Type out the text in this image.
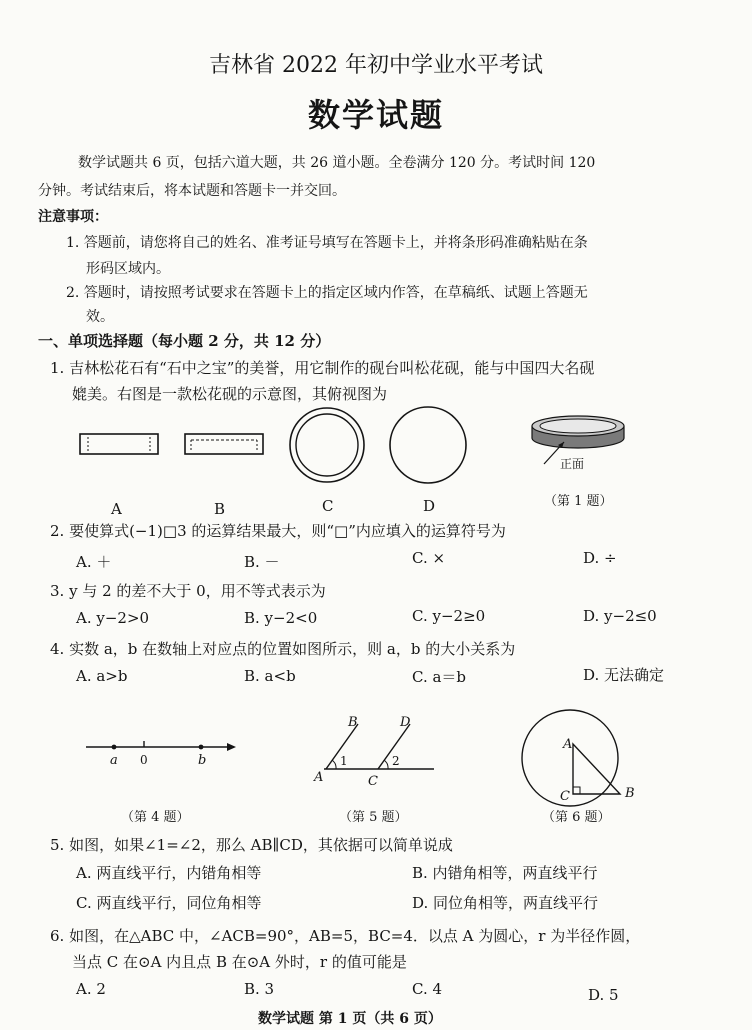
吉林省 2022 年初中学业水平考试
数学试题
数学试题共 6 页，包括六道大题，共 26 道小题。全卷满分 120 分。考试时间 120
分钟。考试结束后，将本试题和答题卡一并交回。
注意事项：
1. 答题前，请您将自己的姓名、准考证号填写在答题卡上，并将条形码准确粘贴在条
形码区域内。
2. 答题时，请按照考试要求在答题卡上的指定区域内作答，在草稿纸、试题上答题无
效。
一、单项选择题（每小题 2 分，共 12 分）
1. 吉林松花石有“石中之宝”的美誉，用它制作的砚台叫松花砚，能与中国四大名砚
媲美。右图是一款松花砚的示意图，其俯视图为
正面
A	B	C	D	（第 1 题）
2. 要使算式(−1)□3 的运算结果最大，则“□”内应填入的运算符号为
A. ＋	B. －	C. ×	D. ÷
3. y 与 2 的差不大于 0，用不等式表示为
A. y−2>0	B. y−2<0	C. y−2≥0	D. y−2≤0
4. 实数 a，b 在数轴上对应点的位置如图所示，则 a，b 的大小关系为
A. a>b	B. a<b	C. a＝b	D. 无法确定
a 0	b
B	D
A	C
1	2
A
C	B
（第 4 题）	（第 5 题）	（第 6 题）
5. 如图，如果∠1=∠2，那么 AB∥CD，其依据可以简单说成
A. 两直线平行，内错角相等	B. 内错角相等，两直线平行
C. 两直线平行，同位角相等	D. 同位角相等，两直线平行
6. 如图，在△ABC 中，∠ACB=90°，AB=5，BC=4．以点 A 为圆心，r 为半径作圆，
当点 C 在⊙A 内且点 B 在⊙A 外时，r 的值可能是
A. 2	B. 3	C. 4	D. 5
数学试题 第 1 页（共 6 页）
